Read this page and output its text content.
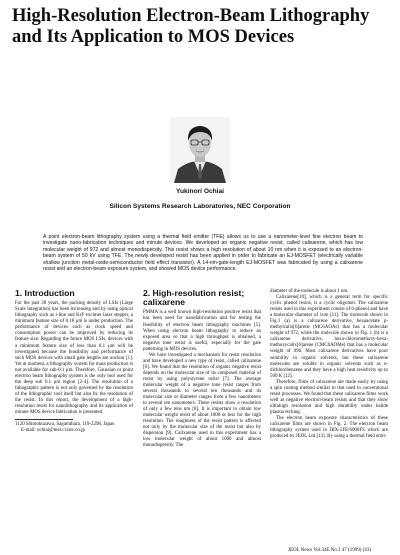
High-Resolution Electron-Beam Lithography and Its Application to MOS Devices
Yukinori Ochiai
Silicon Systems Research Laboratories, NEC Corporation

A point electron-beam lithography system using a thermal field emitter (TFE) allows us to use a nanometer-level fine electron beam to investigate nano-fabrication techniques and minute devices. We developed an organic negative resist, called calixarene, which has low molecular weight of 972 and almost monodispersity. This resist shows a high resolution of about 10 nm when it is exposed to an electron-beam system of 50 kV using TFE. The newly developed resist has been applied in order to fabricate an EJ-MOSFET (electrically variable shallow junction metal-oxide-semiconductor field effect transistor). A 14-nm-gate-length EJ-MOSFET was fabricated by using a calixarene resist and an electron-beam exposure system, and showed MOS device performance.

1. Introduction

For the past 30 years, the packing density of LSIs (Large Scale Integration) has been increasing and by using optical lithography such as i-line and KrF excimer laser stepper, a minimum feature size of 0.18 μm is under production. The performance of devices such as clock speed and consumption power can be improved by reducing its feature size. Regarding the future MOS LSIs, devices with a minimum feature size of less than 0.1 μm will be investigated because the feasibility and performance of such MOS devices with small gate lengths are unclear [1]. Yet at moment, a lithography system for mass production is not available for sub-0.1 μm. Therefore, Gaussian or point electron beam lithography system is the only tool used for the deep sub 0.1 μm region [2-4]. The resolution of a lithographic pattern is not only governed by the resolution of the lithographic tool itself but also by the resolution of the resist. In this report, the development of a high-resolution resist for nanolithography and its application of minute MOS device fabrication is presented.

1120 Shimokuzawa, Sagamihara, 119-2298, Japan

E-mail: ochiai@mel.cl.nec.co.jp

2. High-resolution resist; calixarene

PMMA is a well known high-resolution positive resist that has been used for nanofabrication and for testing the feasibility of electron beam lithography machines [5]. When using electron beam lithography to reduce an exposed area so that a high throughput is obtained, a negative tone resist is useful, especially for the gate patterning in MOS devices.

We have investigated a mechanism for resist resolution and have developed a new type of resist, called calixarene [6]. We found that the resolution of organic negative resist depends on the molecular size of its composed material of resist by using polystyrene resist [7]. The average molecular weight of a negative tone resist ranges from several thousands to several ten thousands and its molecular size or diameter ranges from a few nanometers to several ten nanometers. These resists show a resolution of only a few tens nm [8]. It is important to obtain low molecular weight resist of about 1000 or less for the high resolution. The roughness of the resist pattern is affected not only by the molecular size of the resist but also by dispersion [9]. Calixarene used in this experiment has a low molecular weight of about 1000 and almost monodispersity. The

diameter of the molecule is about 1 nm.

Calixarene[10], which is a general term for specific cyclic phenol resins, is a cyclic oligomer. The calixarene resists used in this experiment consist of 6-phenol and have a molecular diameter of 1nm [11]. The molecule shown in Fig.1 (a) is a calixarene derivative, hexaacetate p-methylcalix[6]arene (MC6AOAc) that has a molecular weight of 972, while the molecule shown in Fig. 1 (b) is a calixarene derivative, hexa-chloromethoxy-hexa-methoxycalix[6]arene (CMC6AOMe) that has a molecular weight of 996. Most calixarene derivatives have poor solubility in organic solvents, but these calixarene molecules are soluble in organic solvents such as o-dichlorobenzene and they have a high heat resistivity up to 500 K [12].

Therefore, films of calixarene are made easily by using a spin coating method similar to that used in conventional resist processes. We found that these calixarene films work well as negative electron-beam resists and that they show ultrahigh resolution and high durability under halide plasma etching.

The electron beam exposure characteristics of these calixarene films are shown in Fig. 2. The electron beam lithography system used in JBX-5FE/6000FS which are produced by JEOL Ltd.[13]. By using a thermal field emit-

JEOL News Vol.34E No.1 47 (1999) (43)
